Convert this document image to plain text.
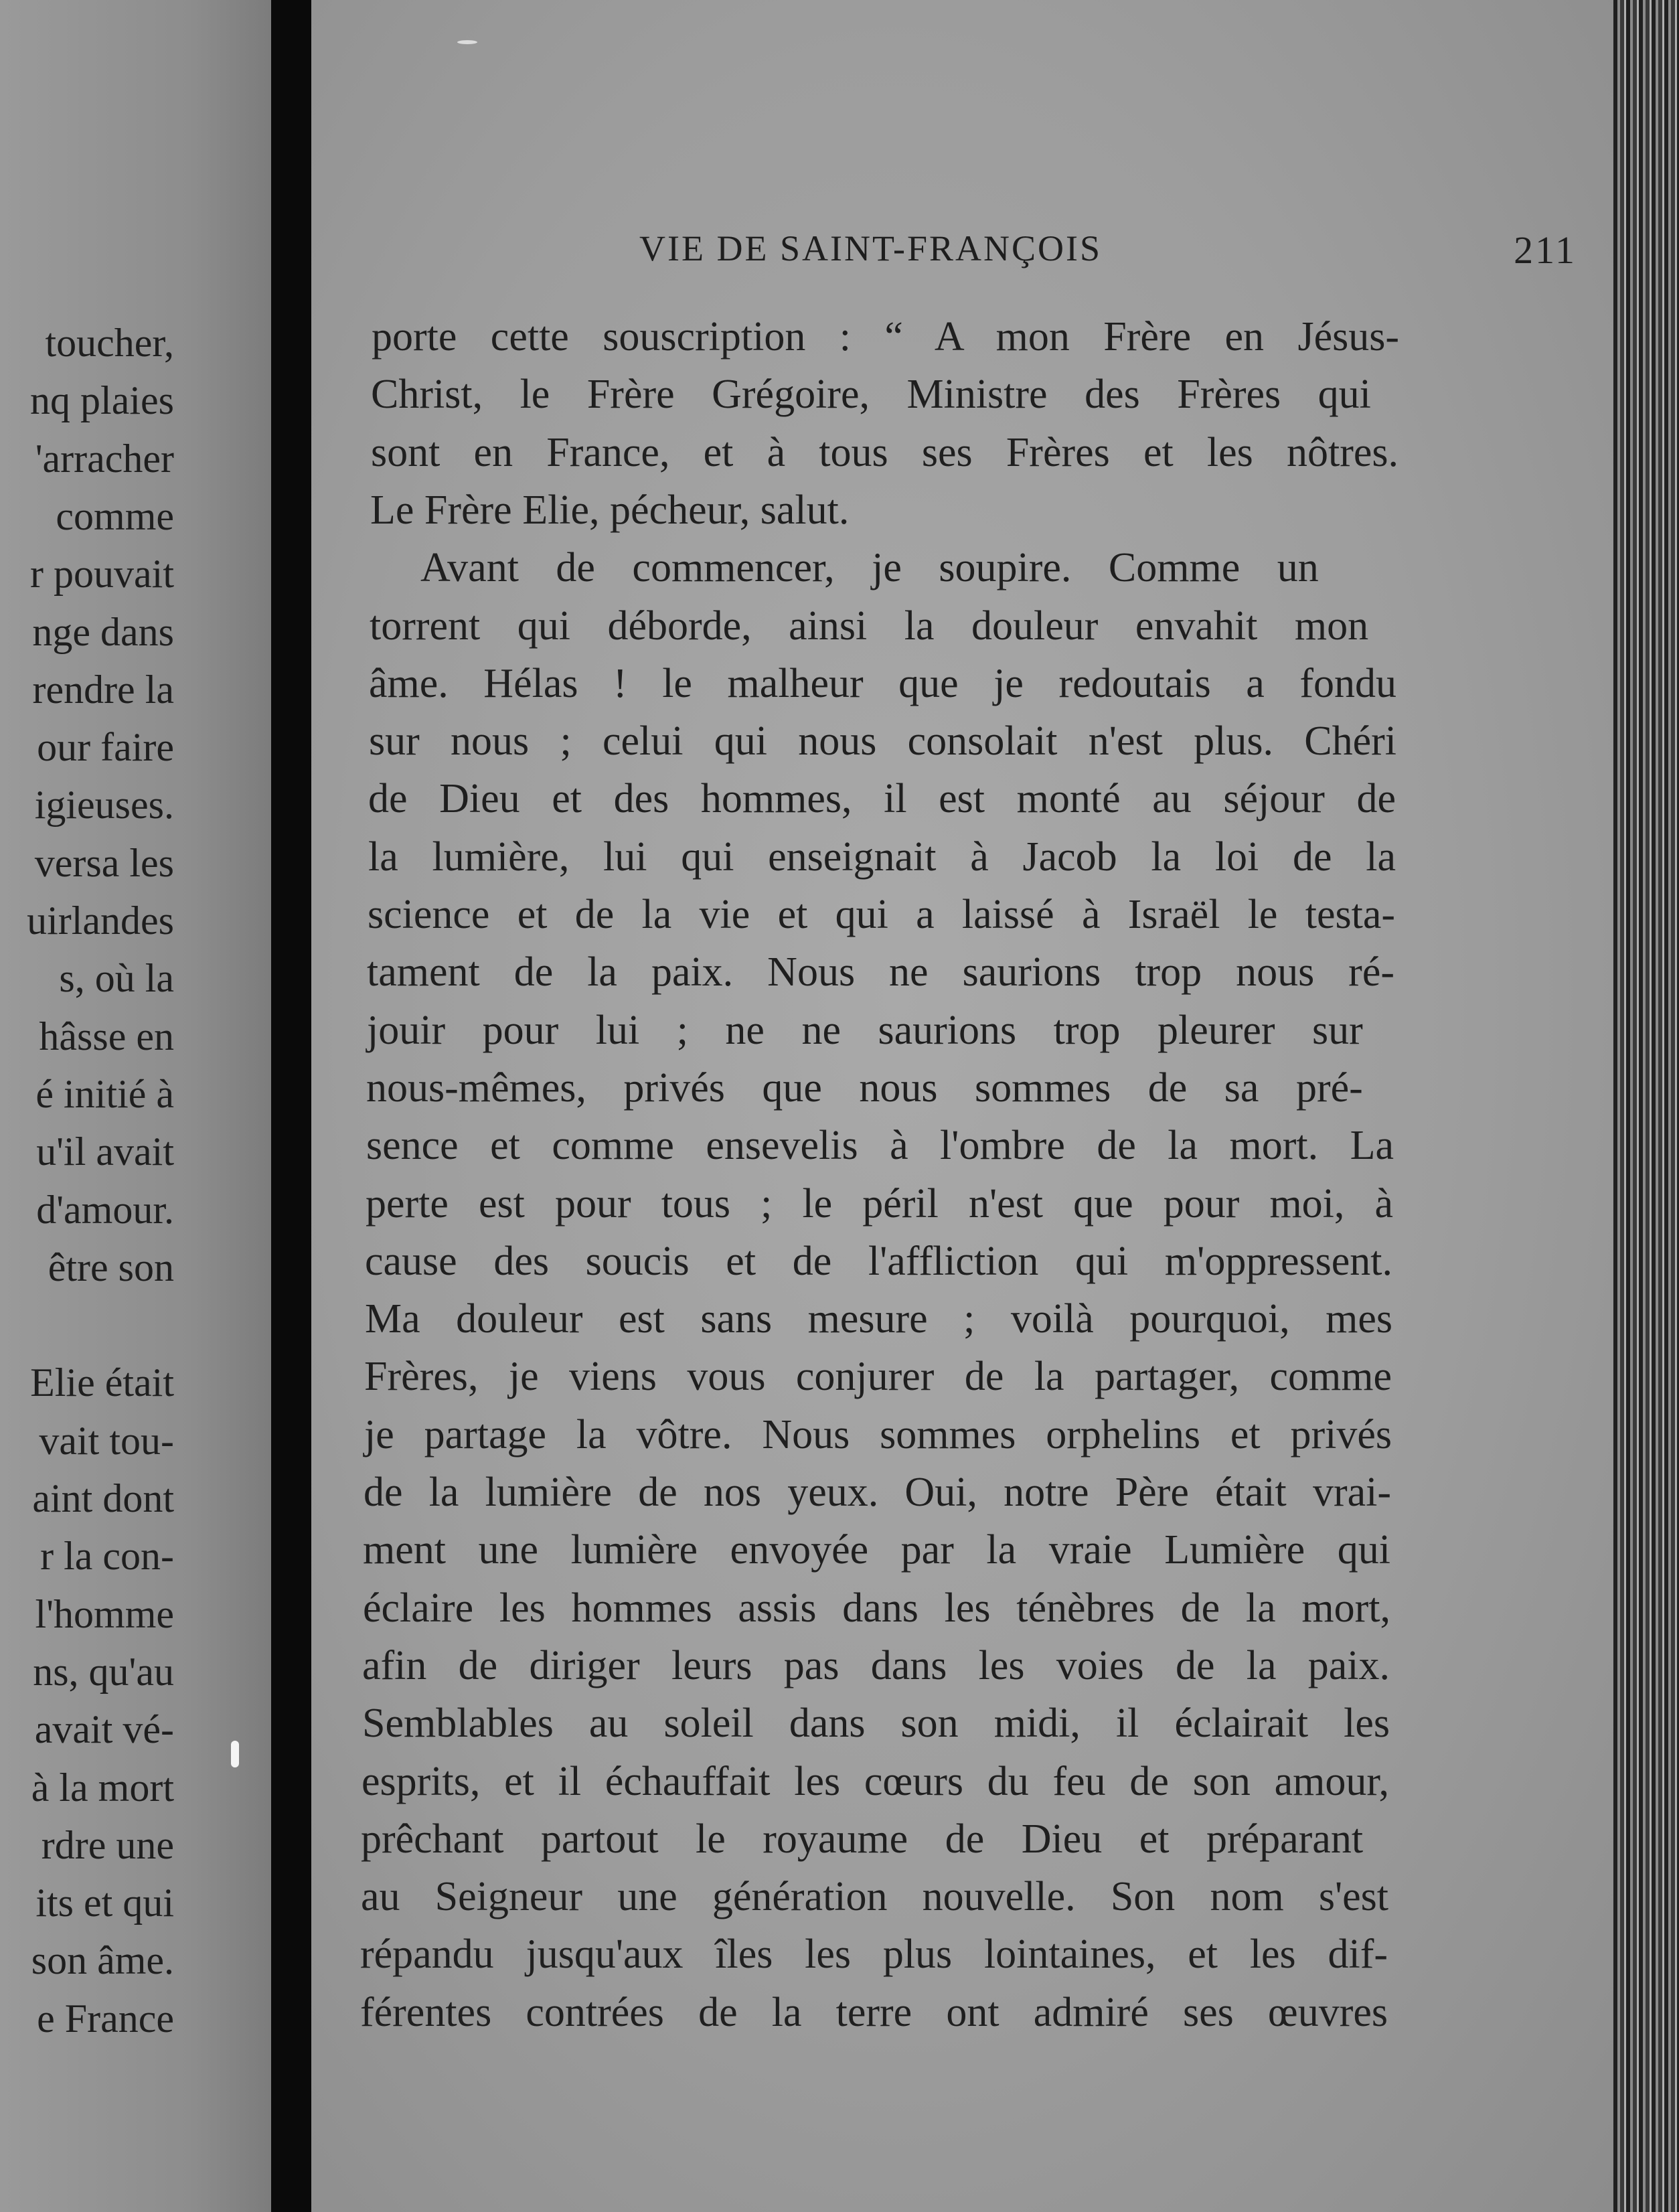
toucher,
nq plaies
'arracher
comme
r pouvait
nge dans
rendre la
our faire
igieuses.
versa les
uirlandes
s, où la
hâsse en
é initié à
u'il avait
d'amour.
être son
Elie était
vait tou-
aint dont
r la con-
l'homme
ns, qu'au
avait vé-
à la mort
rdre une
its et qui
son âme.
e France
VIE DE SAINT-FRANÇOIS	211
porte cette souscription : “ A mon Frère en Jésus-
Christ, le Frère Grégoire, Ministre des Frères qui
sont en France, et à tous ses Frères et les nôtres.
Le Frère Elie, pécheur, salut.
Avant de commencer, je soupire. Comme un
torrent qui déborde, ainsi la douleur envahit mon
âme. Hélas ! le malheur que je redoutais a fondu
sur nous ; celui qui nous consolait n'est plus. Chéri
de Dieu et des hommes, il est monté au séjour de
la lumière, lui qui enseignait à Jacob la loi de la
science et de la vie et qui a laissé à Israël le testa-
tament de la paix. Nous ne saurions trop nous ré-
jouir pour lui ; ne ne saurions trop pleurer sur
nous-mêmes, privés que nous sommes de sa pré-
sence et comme ensevelis à l'ombre de la mort. La
perte est pour tous ; le péril n'est que pour moi, à
cause des soucis et de l'affliction qui m'oppressent.
Ma douleur est sans mesure ; voilà pourquoi, mes
Frères, je viens vous conjurer de la partager, comme
je partage la vôtre. Nous sommes orphelins et privés
de la lumière de nos yeux. Oui, notre Père était vrai-
ment une lumière envoyée par la vraie Lumière qui
éclaire les hommes assis dans les ténèbres de la mort,
afin de diriger leurs pas dans les voies de la paix.
Semblables au soleil dans son midi, il éclairait les
esprits, et il échauffait les cœurs du feu de son amour,
prêchant partout le royaume de Dieu et préparant
au Seigneur une génération nouvelle. Son nom s'est
répandu jusqu'aux îles les plus lointaines, et les dif-
férentes contrées de la terre ont admiré ses œuvres
